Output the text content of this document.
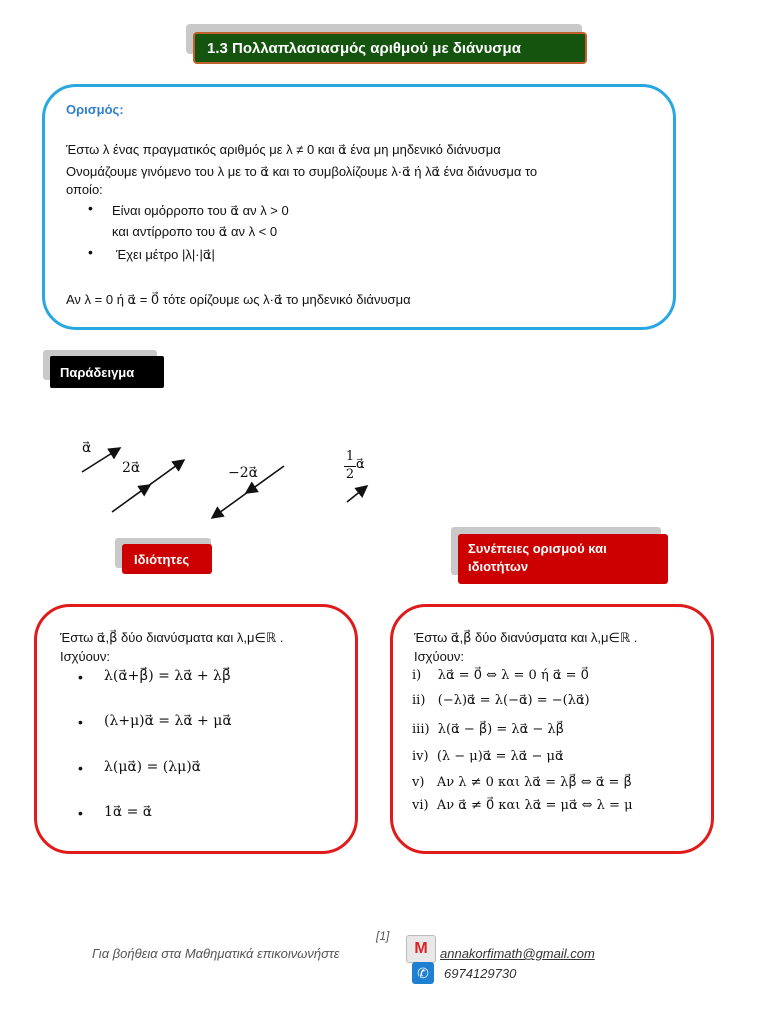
1.3 Πολλαπλασιασμός αριθμού με διάνυσμα
Ορισμός:
Έστω λ ένας πραγματικός αριθμός με λ ≠ 0 και α⃗ ένα μη μηδενικό διάνυσμα
Ονομάζουμε γινόμενο του λ με το α⃗ και το συμβολίζουμε λ·α⃗ ή λα⃗ ένα διάνυσμα το
οποίο:
• Είναι ομόρροπο του α⃗ αν λ > 0
και αντίρροπο του α⃗ αν λ < 0
• Έχει μέτρο |λ|·|α⃗|
Αν λ = 0 ή α⃗ = 0⃗ τότε ορίζουμε ως λ·α⃗ το μηδενικό διάνυσμα
Παράδειγμα
α⃗
2α⃗	−2α⃗
1
2
α⃗
Ιδιότητες
Συνέπειες ορισμού και
ιδιοτήτων
Έστω α⃗,β⃗ δύο διανύσματα και λ,μ∈ℝ .
Ισχύουν:
• λ(α⃗+β⃗) = λα⃗ + λβ⃗
• (λ+μ)α⃗ = λα⃗ + μα⃗
• λ(μα⃗) = (λμ)α⃗
• 1α⃗ = α⃗
Έστω α⃗,β⃗ δύο διανύσματα και λ,μ∈ℝ .
Ισχύουν:
i)    λα⃗ = 0⃗ ⇔ λ = 0 ή α⃗ = 0⃗
ii)   (−λ)α⃗ = λ(−α⃗) = −(λα⃗)
iii)  λ(α⃗ − β⃗) = λα⃗ − λβ⃗
iv)  (λ − μ)α⃗ = λα⃗ − μα⃗
v)   Αν λ ≠ 0 και λα⃗ = λβ⃗ ⇔ α⃗ = β⃗
vi)  Αν α⃗ ≠ 0⃗ και λα⃗ = μα⃗ ⇔ λ = μ
[1]
Για βοήθεια στα Μαθηματικά επικοινωνήστε	M annakorfimath@gmail.com
✆	6974129730
